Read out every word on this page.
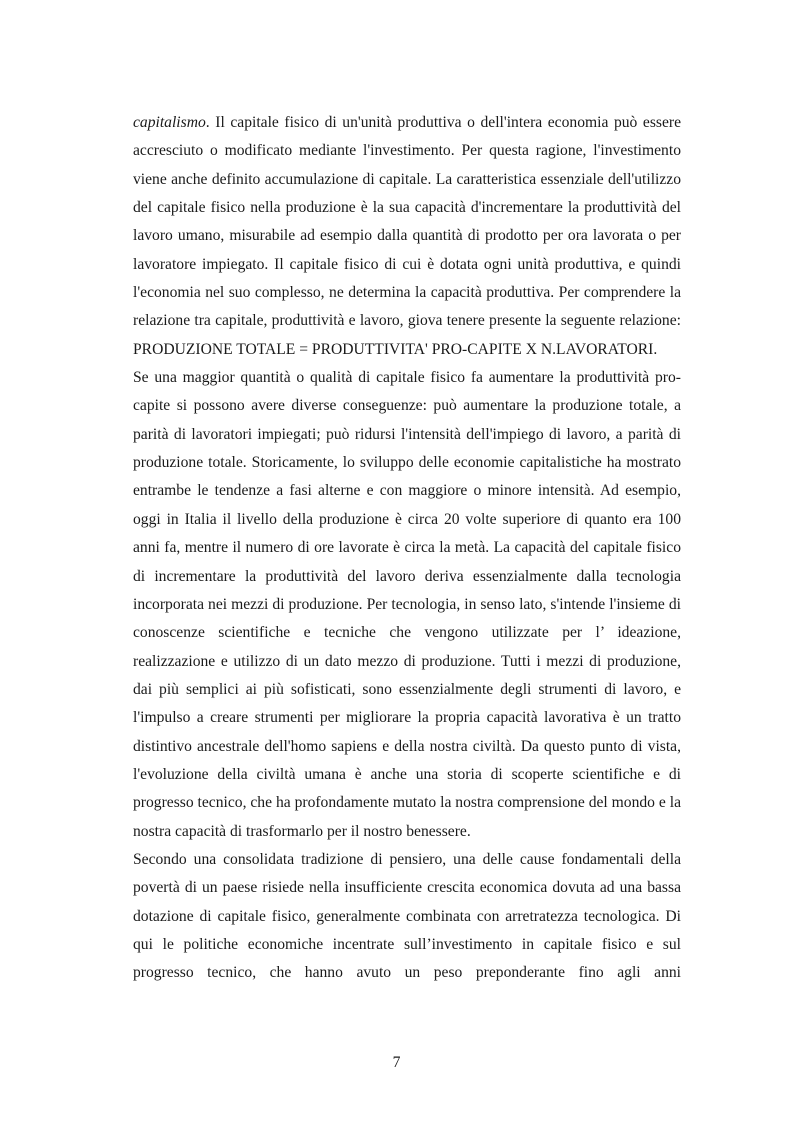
capitalismo. Il capitale fisico di un'unità produttiva o dell'intera economia può essere accresciuto o modificato mediante l'investimento. Per questa ragione, l'investimento viene anche definito accumulazione di capitale. La caratteristica essenziale dell'utilizzo del capitale fisico nella produzione è la sua capacità d'incrementare la produttività del lavoro umano, misurabile ad esempio dalla quantità di prodotto per ora lavorata o per lavoratore impiegato. Il capitale fisico di cui è dotata ogni unità produttiva, e quindi l'economia nel suo complesso, ne determina la capacità produttiva. Per comprendere la relazione tra capitale, produttività e lavoro, giova tenere presente la seguente relazione: PRODUZIONE TOTALE = PRODUTTIVITA' PRO-CAPITE X N.LAVORATORI.

Se una maggior quantità o qualità di capitale fisico fa aumentare la produttività pro-capite si possono avere diverse conseguenze: può aumentare la produzione totale, a parità di lavoratori impiegati; può ridursi l'intensità dell'impiego di lavoro, a parità di produzione totale. Storicamente, lo sviluppo delle economie capitalistiche ha mostrato entrambe le tendenze a fasi alterne e con maggiore o minore intensità. Ad esempio, oggi in Italia il livello della produzione è circa 20 volte superiore di quanto era 100 anni fa, mentre il numero di ore lavorate è circa la metà. La capacità del capitale fisico di incrementare la produttività del lavoro deriva essenzialmente dalla tecnologia incorporata nei mezzi di produzione. Per tecnologia, in senso lato, s'intende l'insieme di conoscenze scientifiche e tecniche che vengono utilizzate per l’ ideazione, realizzazione e utilizzo di un dato mezzo di produzione. Tutti i mezzi di produzione, dai più semplici ai più sofisticati, sono essenzialmente degli strumenti di lavoro, e l'impulso a creare strumenti per migliorare la propria capacità lavorativa è un tratto distintivo ancestrale dell'homo sapiens e della nostra civiltà. Da questo punto di vista, l'evoluzione della civiltà umana è anche una storia di scoperte scientifiche e di progresso tecnico, che ha profondamente mutato la nostra comprensione del mondo e la nostra capacità di trasformarlo per il nostro benessere.

Secondo una consolidata tradizione di pensiero, una delle cause fondamentali della povertà di un paese risiede nella insufficiente crescita economica dovuta ad una bassa dotazione di capitale fisico, generalmente combinata con arretratezza tecnologica. Di qui le politiche economiche incentrate sull’investimento in capitale fisico e sul progresso tecnico, che hanno avuto un peso preponderante fino agli anni

7
